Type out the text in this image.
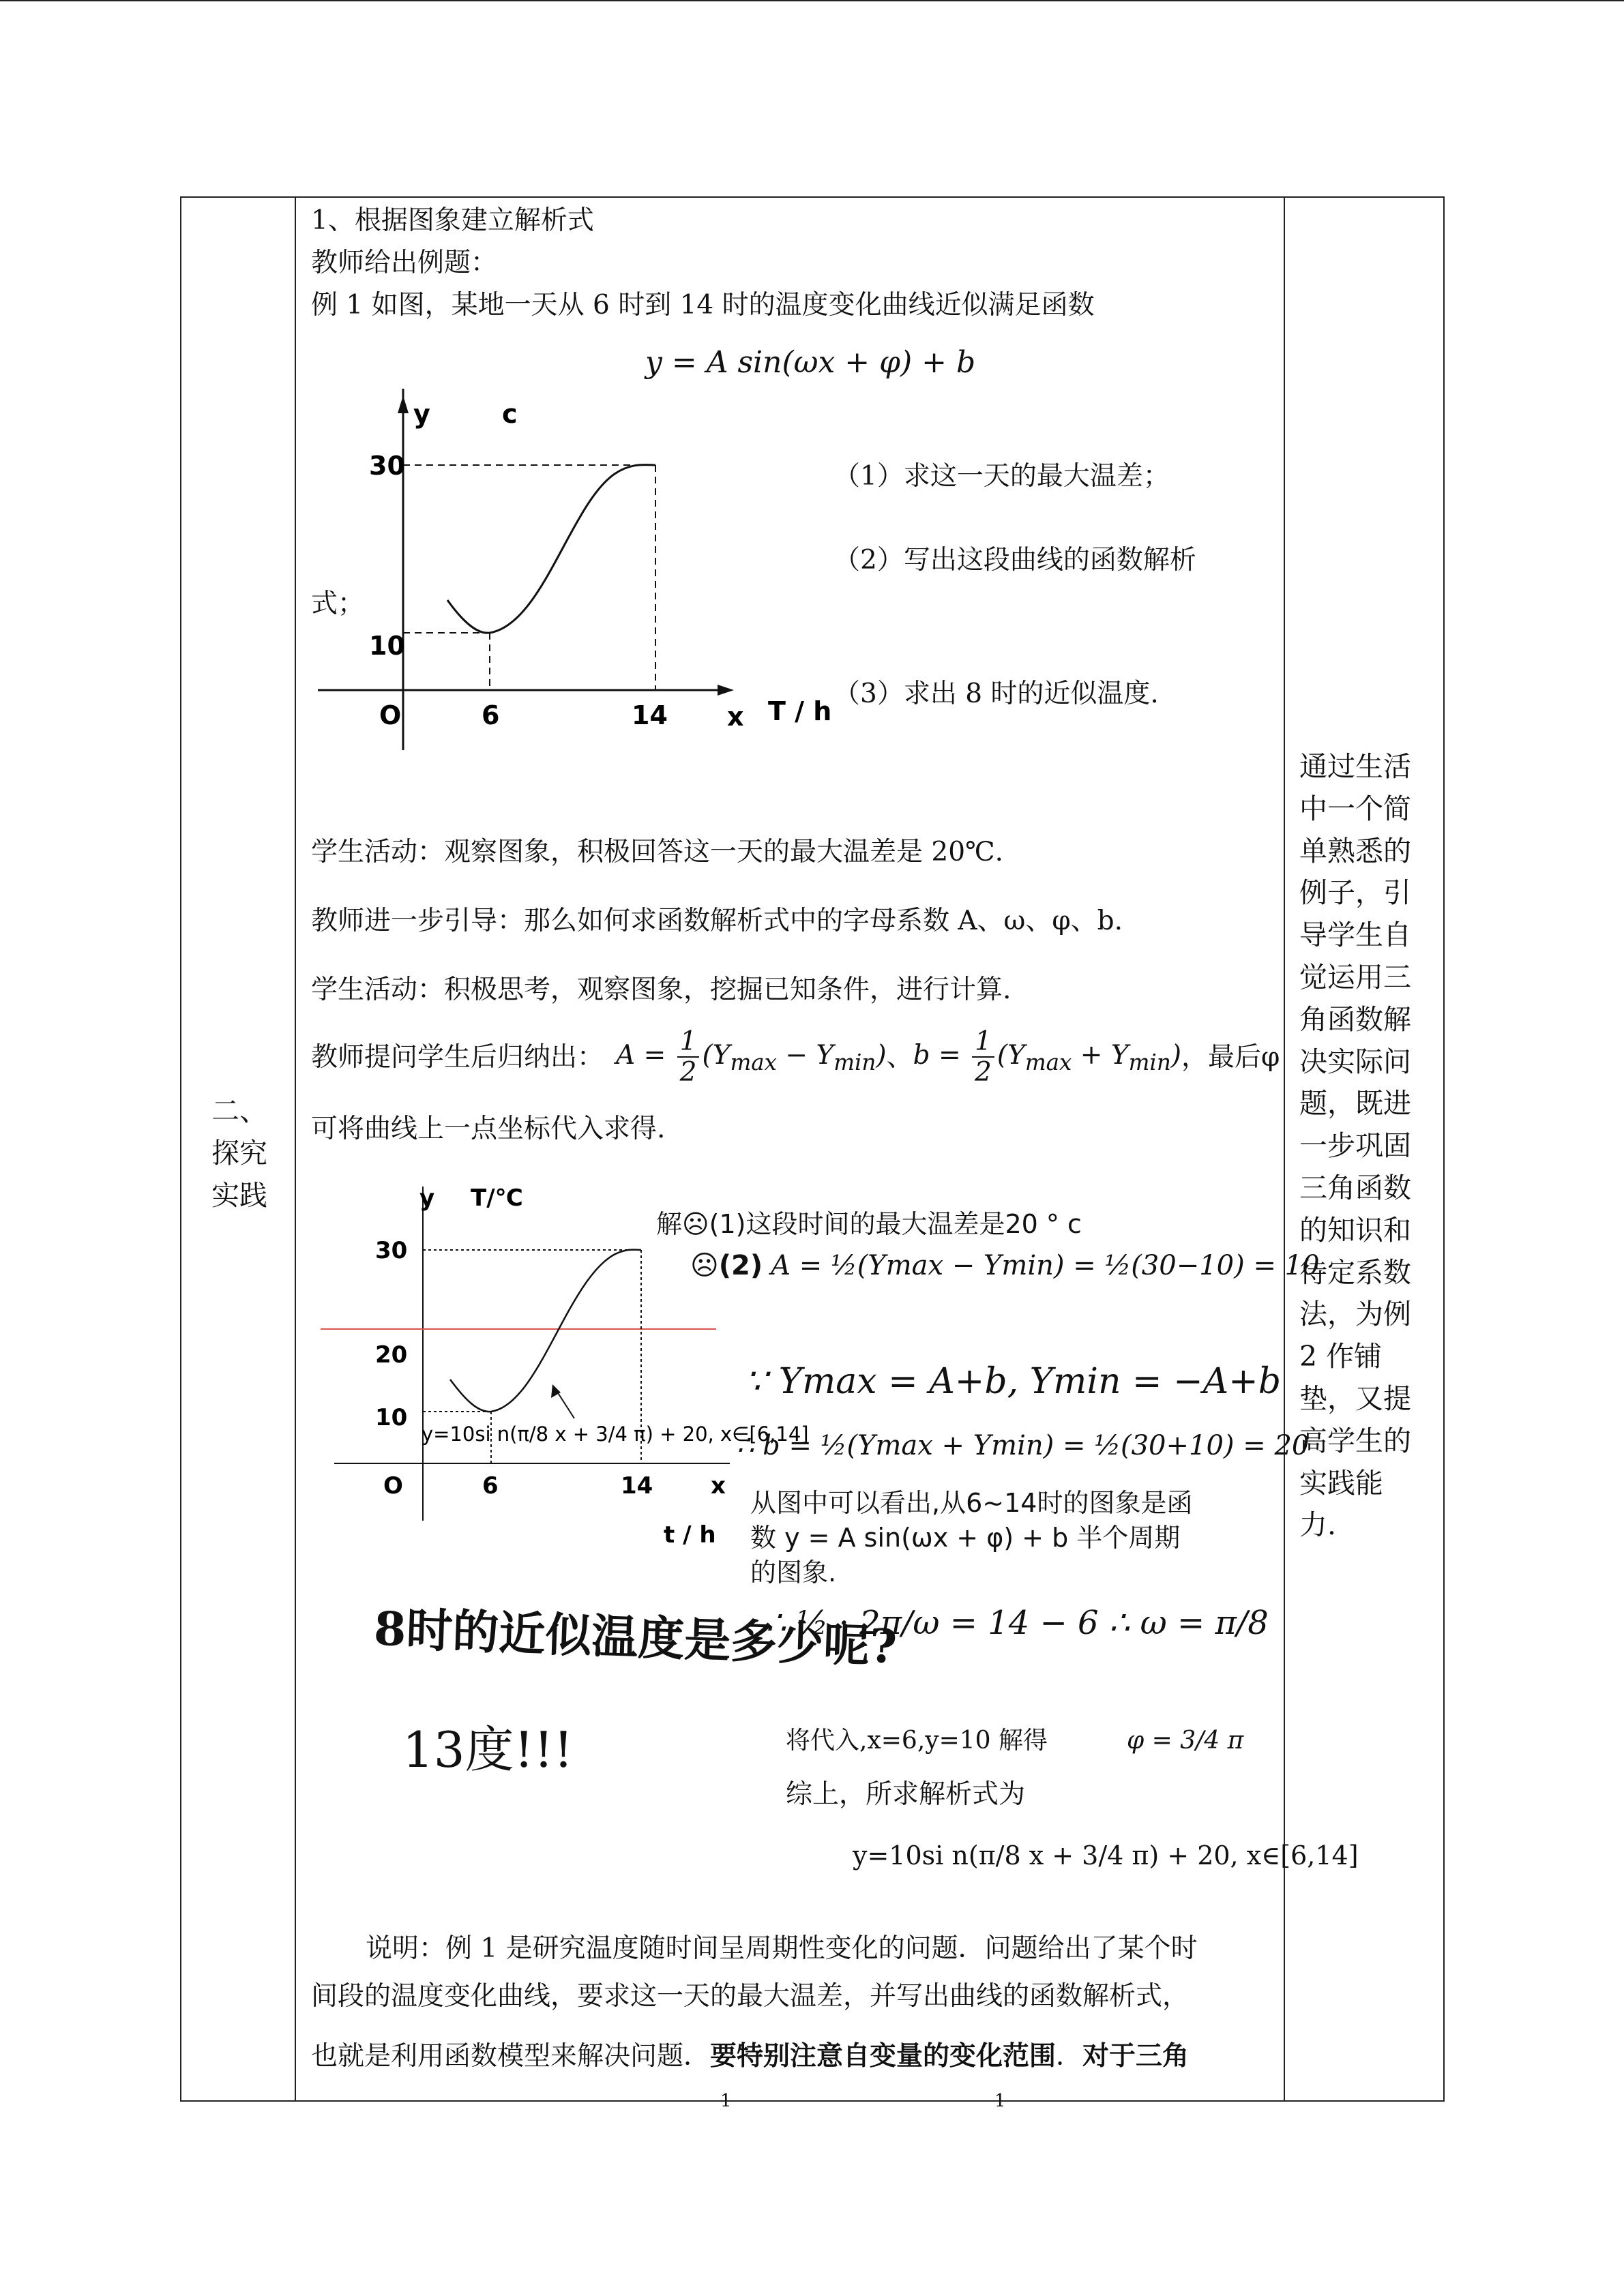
二、
探究
实践
通过生活
中一个简
单熟悉的
例子，引
导学生自
觉运用三
角函数解
决实际问
题，既进
一步巩固
三角函数
的知识和
待定系数
法，为例
2 作铺
垫，又提
高学生的
实践能
力.
1、根据图象建立解析式
教师给出例题：
例 1 如图，某地一天从 6 时到 14 时的温度变化曲线近似满足函数
y = A sin(ωx + φ) + b
y	c
30
10
O	6	14 x T / h
（1）求这一天的最大温差；
（2）写出这段曲线的函数解析
式；
（3）求出 8 时的近似温度.
学生活动：观察图象，积极回答这一天的最大温差是 20℃.
教师进一步引导：那么如何求函数解析式中的字母系数 A、ω、φ、b.
学生活动：积极思考，观察图象，挖掘已知条件，进行计算.
教师提问学生后归纳出： $A = \frac{1}{2} (Y_{max} - Y_{min})$ 、 $b = \frac{1}{2} (Y_{max} + Y_{min})$ ，最后φ
可将曲线上一点坐标代入求得.
y T/℃
30
20
10
O	6	14 x
t / h
y=10si n(π/8 x + 3/4 π) + 20, x∈[6,14]
解☹(1)这段时间的最大温差是20 ° c
☹(2) A = ½(Ymax − Ymin) = ½(30−10) = 10
∵ Ymax = A+b, Ymin = −A+b
∴ b = ½(Ymax + Ymin) = ½(30+10) = 20
从图中可以看出,从6~14时的图象是函
数 y = A sin(ωx + φ) + b 半个周期
的图象.
∴ ½ · 2π/ω = 14 − 6 ∴ ω = π/8
将代入,x=6,y=10 解得	φ = 3/4 π
综上，所求解析式为
y=10si n(π/8 x + 3/4 π) + 20, x∈[6,14]
8时的近似温度是多少呢?
13度!!!
说明：例 1 是研究温度随时间呈周期性变化的问题．问题给出了某个时
间段的温度变化曲线，要求这一天的最大温差，并写出曲线的函数解析式，
也就是利用函数模型来解决问题．要特别注意自变量的变化范围．对于三角
1	1
